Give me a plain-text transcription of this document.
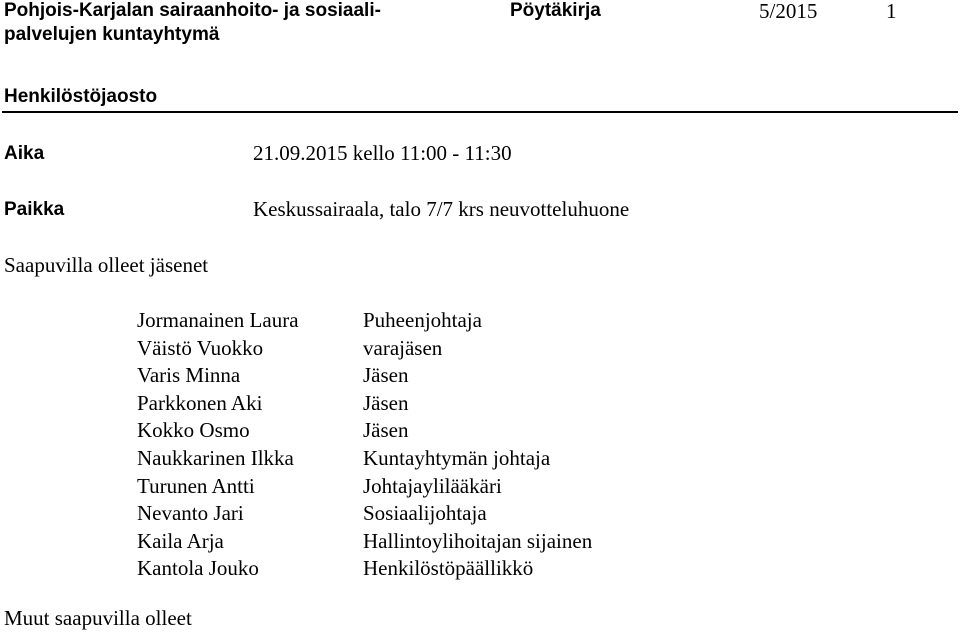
Pohjois-Karjalan sairaanhoito- ja sosiaali-
palvelujen kuntayhtymä
Pöytäkirja	5/2015	1
Henkilöstöjaosto
Aika	21.09.2015 kello 11:00 - 11:30
Paikka	Keskussairaala, talo 7/7 krs neuvotteluhuone
Saapuvilla olleet jäsenet
Jormanainen Laura	Puheenjohtaja
Väistö Vuokko	varajäsen
Varis Minna	Jäsen
Parkkonen Aki	Jäsen
Kokko Osmo	Jäsen
Naukkarinen Ilkka	Kuntayhtymän johtaja
Turunen Antti	Johtajaylilääkäri
Nevanto Jari	Sosiaalijohtaja
Kaila Arja	Hallintoylihoitajan sijainen
Kantola Jouko	Henkilöstöpäällikkö
Muut saapuvilla olleet
